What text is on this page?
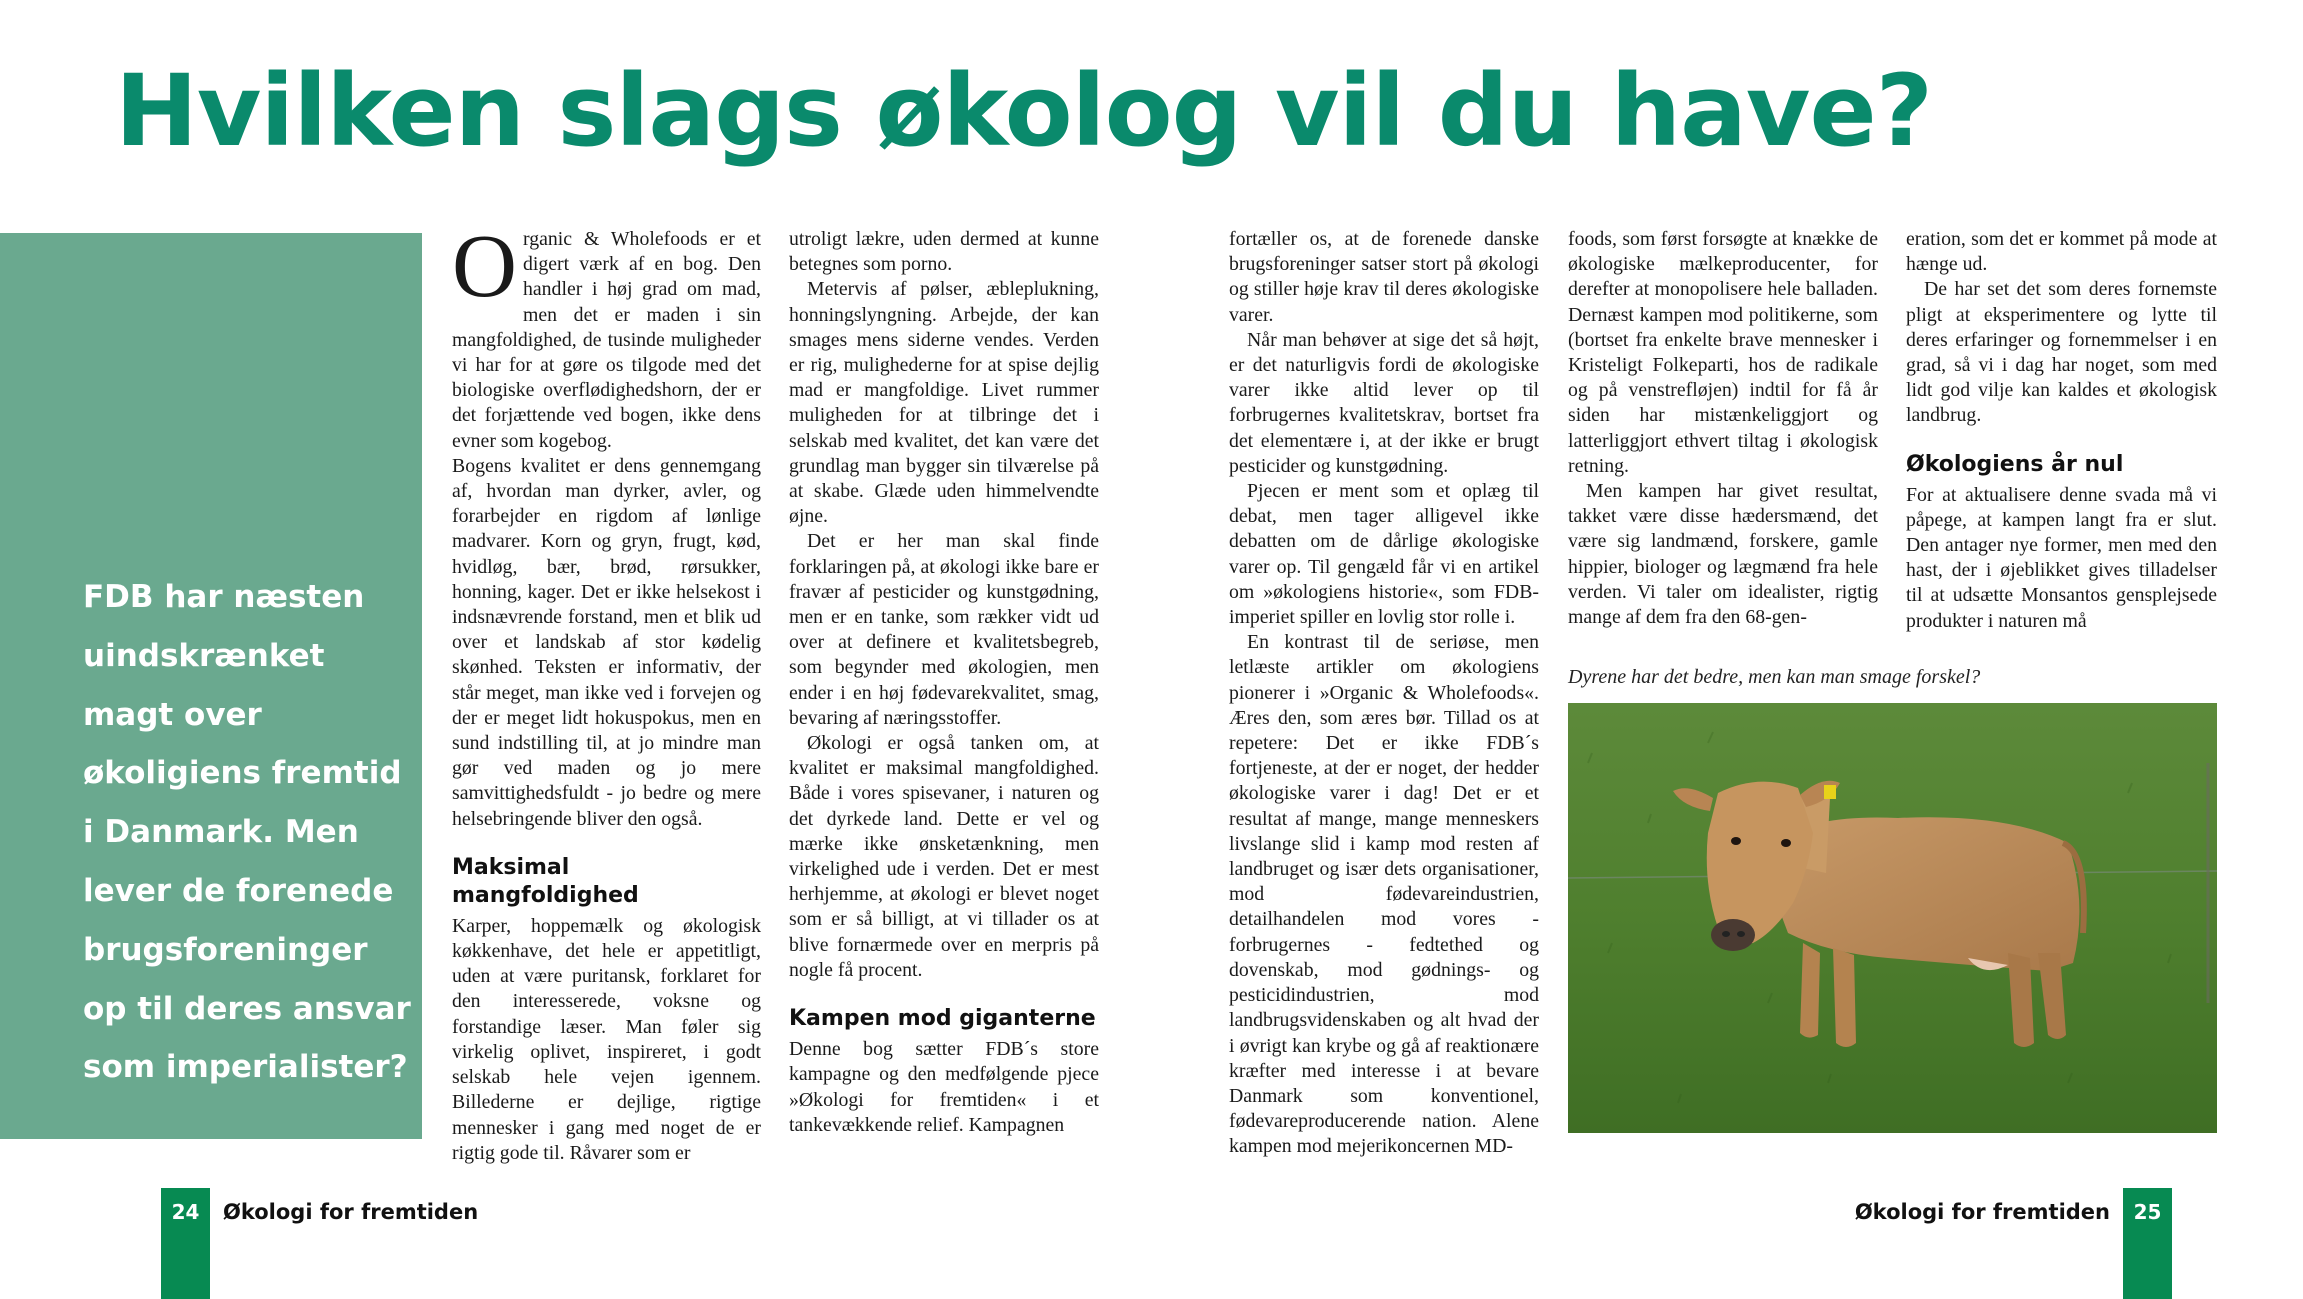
Hvilken slags økolog vil du have?

FDB har næsten uindskrænket magt over økoligiens fremtid i Danmark. Men lever de forenede brugsforeninger op til deres ansvar som imperialister?

Organic & Wholefoods er et digert værk af en bog. Den handler i høj grad om mad, men det er maden i sin mangfoldighed, de tusinde muligheder vi har for at gøre os tilgode med det biologiske overflødighedshorn, der er det forjættende ved bogen, ikke dens evner som kogebog.

Bogens kvalitet er dens gennemgang af, hvordan man dyrker, avler, og forarbejder en rigdom af lønlige madvarer. Korn og gryn, frugt, kød, hvidløg, bær, brød, rørsukker, honning, kager. Det er ikke helsekost i indsnævrende forstand, men et blik ud over et landskab af stor kødelig skønhed. Teksten er informativ, der står meget, man ikke ved i forvejen og der er meget lidt hokuspokus, men en sund indstilling til, at jo mindre man gør ved maden og jo mere samvittighedsfuldt - jo bedre og mere helsebringende bliver den også.

Maksimal mangfoldighed

Karper, hoppemælk og økologisk køkkenhave, det hele er appetitligt, uden at være puritansk, forklaret for den interesserede, voksne og forstandige læser. Man føler sig virkelig oplivet, inspireret, i godt selskab hele vejen igennem. Billederne er dejlige, rigtige mennesker i gang med noget de er rigtig gode til. Råvarer som er

utroligt lækre, uden dermed at kunne betegnes som porno.

Metervis af pølser, æbleplukning, honningslyngning. Arbejde, der kan smages mens siderne vendes. Verden er rig, mulighederne for at spise dejlig mad er mangfoldige. Livet rummer muligheden for at tilbringe det i selskab med kvalitet, det kan være det grundlag man bygger sin tilværelse på at skabe. Glæde uden himmelvendte øjne.

Det er her man skal finde forklaringen på, at økologi ikke bare er fravær af pesticider og kunstgødning, men er en tanke, som rækker vidt ud over at definere et kvalitetsbegreb, som begynder med økologien, men ender i en høj fødevarekvalitet, smag, bevaring af næringsstoffer.

Økologi er også tanken om, at kvalitet er maksimal mangfoldighed. Både i vores spisevaner, i naturen og det dyrkede land. Dette er vel og mærke ikke ønsketænkning, men virkelighed ude i verden. Det er mest herhjemme, at økologi er blevet noget som er så billigt, at vi tillader os at blive fornærmede over en merpris på nogle få procent.

Kampen mod giganterne

Denne bog sætter FDB´s store kampagne og den medfølgende pjece »Økologi for fremtiden« i et tankevækkende relief. Kampagnen

fortæller os, at de forenede danske brugsforeninger satser stort på økologi og stiller høje krav til deres økologiske varer.

Når man behøver at sige det så højt, er det naturligvis fordi de økologiske varer ikke altid lever op til forbrugernes kvalitetskrav, bortset fra det elementære i, at der ikke er brugt pesticider og kunstgødning.

Pjecen er ment som et oplæg til debat, men tager alligevel ikke debatten om de dårlige økologiske varer op. Til gengæld får vi en artikel om »økologiens historie«, som FDB-imperiet spiller en lovlig stor rolle i.

En kontrast til de seriøse, men letlæste artikler om økologiens pionerer i »Organic & Wholefoods«. Æres den, som æres bør. Tillad os at repetere: Det er ikke FDB´s fortjeneste, at der er noget, der hedder økologiske varer i dag! Det er et resultat af mange, mange menneskers livslange slid i kamp mod resten af landbruget og især dets organisationer, mod fødevareindustrien, detailhandelen mod vores - forbrugernes - fedtethed og dovenskab, mod gødnings- og pesticidindustrien, mod landbrugsvidenskaben og alt hvad der i øvrigt kan krybe og gå af reaktionære kræfter med interesse i at bevare Danmark som konventionel, fødevareproducerende nation. Alene kampen mod mejerikoncernen MD-

foods, som først forsøgte at knække de økologiske mælkeproducenter, for derefter at monopolisere hele balladen. Dernæst kampen mod politikerne, som (bortset fra enkelte brave mennesker i Kristeligt Folkeparti, hos de radikale og på venstrefløjen) indtil for få år siden har mistænkeliggjort og latterliggjort ethvert tiltag i økologisk retning.

Men kampen har givet resultat, takket være disse hædersmænd, det være sig landmænd, forskere, gamle hippier, biologer og lægmænd fra hele verden. Vi taler om idealister, rigtig mange af dem fra den 68-gen-

eration, som det er kommet på mode at hænge ud.

De har set det som deres fornemste pligt at eksperimentere og lytte til deres erfaringer og fornemmelser i en grad, så vi i dag har noget, som med lidt god vilje kan kaldes et økologisk landbrug.

Økologiens år nul

For at aktualisere denne svada må vi påpege, at kampen langt fra er slut. Den antager nye former, men med den hast, der i øjeblikket gives tilladelser til at udsætte Monsantos gensplejsede produkter i naturen må

Dyrene har det bedre, men kan man smage forskel?
24	Økologi for fremtiden	Økologi for fremtiden	25
